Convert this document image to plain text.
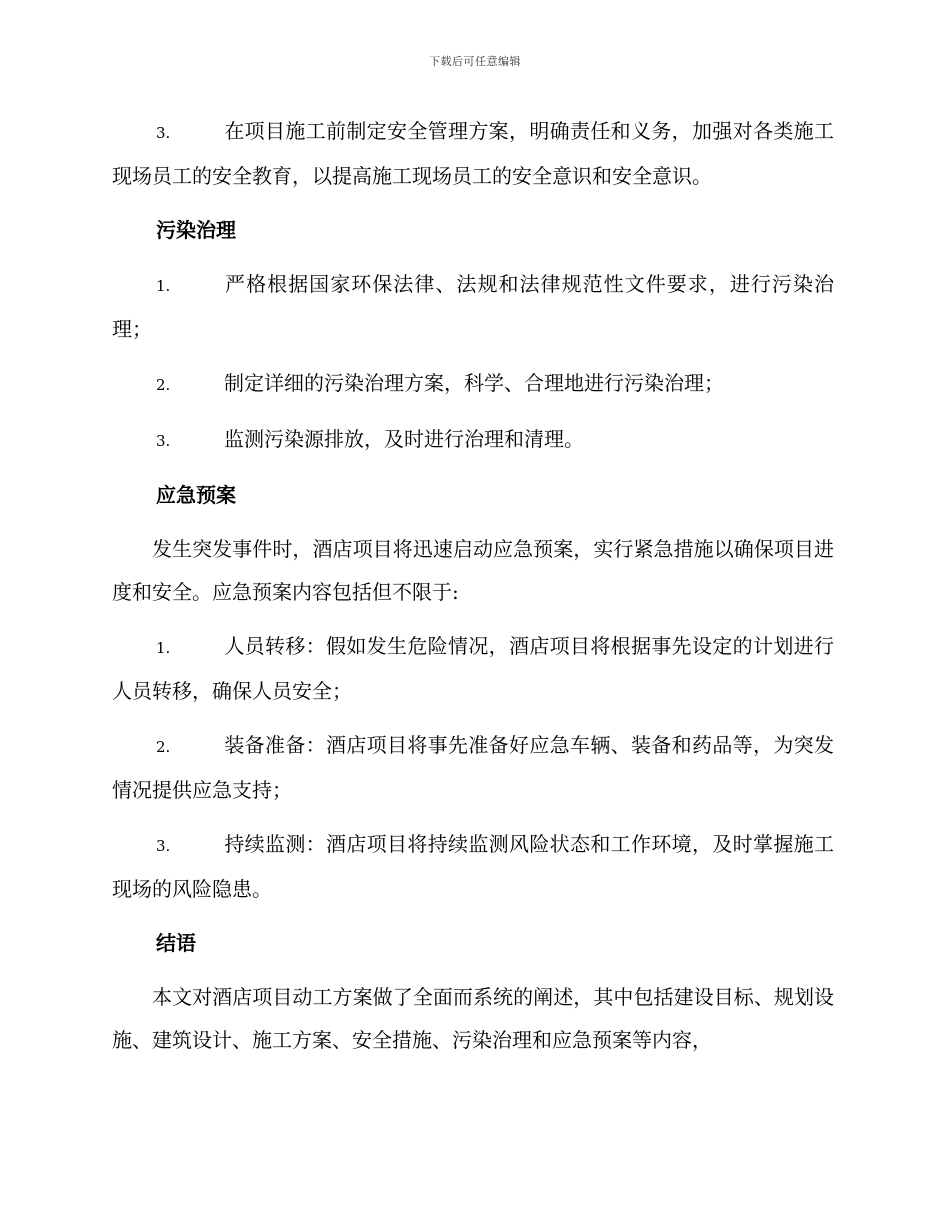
下载后可任意编辑

3.	在项目施工前制定安全管理方案，明确责任和义务，加强对各类施工现场员工的安全教育，以提高施工现场员工的安全意识和安全意识。

污染治理

1.	严格根据国家环保法律、法规和法律规范性文件要求，进行污染治理；

2.	制定详细的污染治理方案，科学、合理地进行污染治理；

3.	监测污染源排放，及时进行治理和清理。

应急预案

发生突发事件时，酒店项目将迅速启动应急预案，实行紧急措施以确保项目进度和安全。应急预案内容包括但不限于:

1.	人员转移：假如发生危险情况，酒店项目将根据事先设定的计划进行人员转移，确保人员安全；

2.	装备准备：酒店项目将事先准备好应急车辆、装备和药品等，为突发情况提供应急支持；

3.	持续监测：酒店项目将持续监测风险状态和工作环境，及时掌握施工现场的风险隐患。

结语

本文对酒店项目动工方案做了全面而系统的阐述，其中包括建设目标、规划设施、建筑设计、施工方案、安全措施、污染治理和应急预案等内容，
